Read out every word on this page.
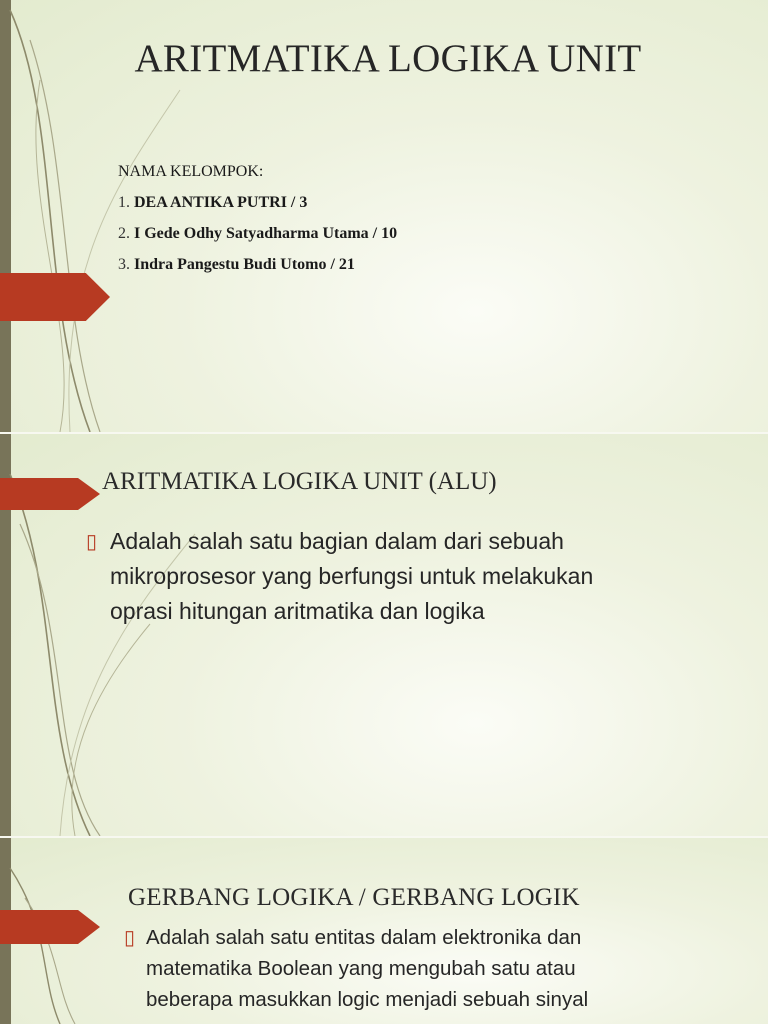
ARITMATIKA LOGIKA UNIT
NAMA KELOMPOK:
1. DEA ANTIKA PUTRI / 3
2. I Gede Odhy Satyadharma Utama / 10
3. Indra Pangestu Budi Utomo / 21
ARITMATIKA LOGIKA UNIT (ALU)
▯ Adalah salah satu bagian dalam dari sebuah mikroprosesor yang berfungsi untuk melakukan oprasi hitungan aritmatika dan logika
GERBANG LOGIKA / GERBANG LOGIK
▯ Adalah salah satu entitas dalam elektronika dan matematika Boolean yang mengubah satu atau beberapa masukkan logic menjadi sebuah sinyal
